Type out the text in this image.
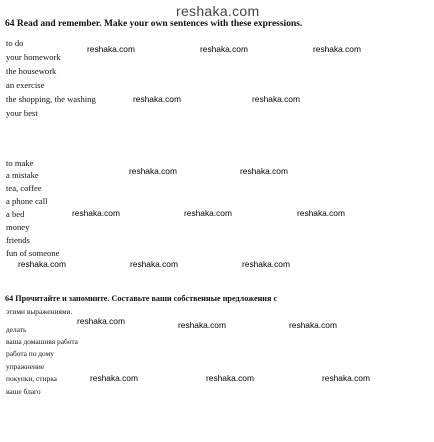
reshaka.com
64 Read and remember. Make your own sentences with these expressions.
to do
your homework
the housework
an exercise
the shopping, the washing
your best
reshaka.com	reshaka.com	reshaka.com
reshaka.com	reshaka.com
to make
a mistake
tea, coffee
a phone call
a bed
money
friends
fun of someone
reshaka.com	reshaka.com
reshaka.com	reshaka.com	reshaka.com
reshaka.com	reshaka.com	reshaka.com
64 Прочитайте и запомните. Составьте ваши собственные предложения с
этими выражениями.
делать
ваша домашняя работа
работа по дому
упражнение
покупки, стирка
ваше благо
reshaka.com	reshaka.com	reshaka.com
reshaka.com	reshaka.com	reshaka.com
